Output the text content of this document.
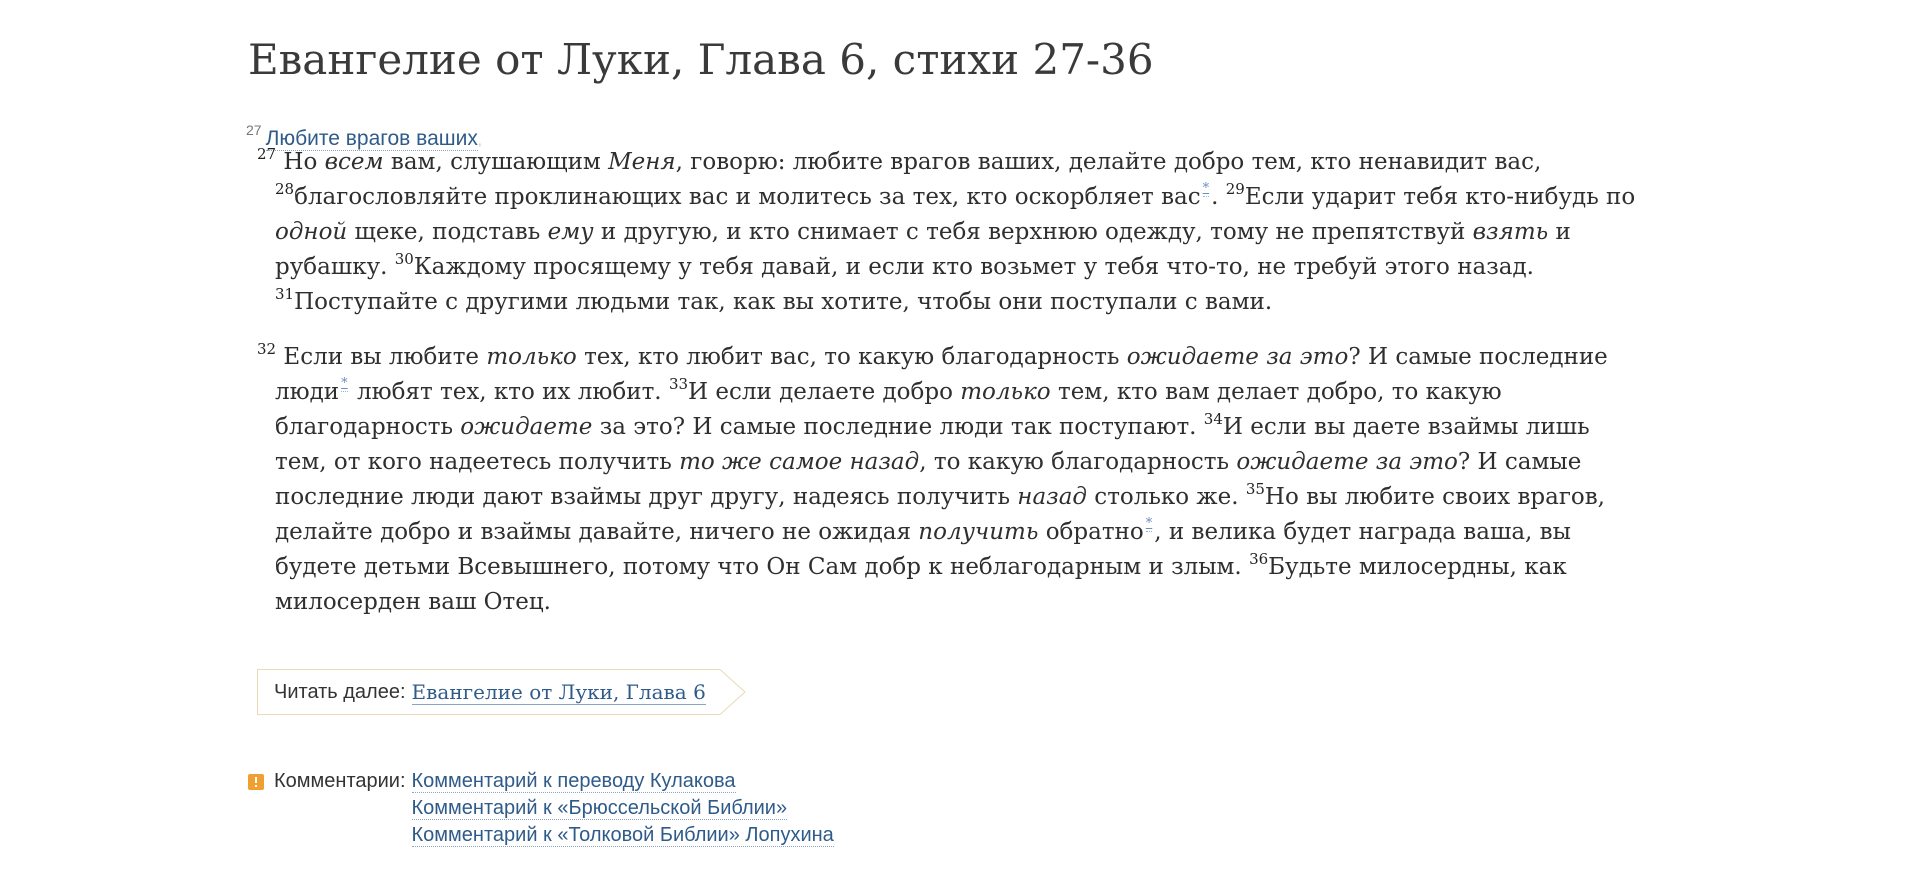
Евангелие от Луки, Глава 6, стихи 27-36
$^{27}$ Любите врагов ваших,

$^{27}$ Но всем вам, слушающим Меня, говорю: любите врагов ваших, делайте добро тем, кто ненавидит вас, $^{28}$благословляйте проклинающих вас и молитесь за тех, кто оскорбляет вас *. $^{29}$Если ударит тебя кто-нибудь по одной щеке, подставь ему и другую, и кто снимает с тебя верхнюю одежду, тому не препятствуй взять и рубашку. $^{30}$Каждому просящему у тебя давай, и если кто возьмет у тебя что-то, не требуй этого назад. $^{31}$Поступайте с другими людьми так, как вы хотите, чтобы они поступали с вами.

$^{32}$ Если вы любите только тех, кто любит вас, то какую благодарность ожидаете за это? И самые последние люди * любят тех, кто их любит. $^{33}$И если делаете добро только тем, кто вам делает добро, то какую благодарность ожидаете за это? И самые последние люди так поступают. $^{34}$И если вы даете взаймы лишь тем, от кого надеетесь получить то же самое назад, то какую благодарность ожидаете за это? И самые последние люди дают взаймы друг другу, надеясь получить назад столько же. $^{35}$Но вы любите своих врагов, делайте добро и взаймы давайте, ничего не ожидая получить обратно *, и велика будет награда ваша, вы будете детьми Всевышнего, потому что Он Сам добр к неблагодарным и злым. $^{36}$Будьте милосердны, как милосерден ваш Отец.

Читать далее: Евангелие от Луки, Глава 6
Комментарии: Комментарий к переводу Кулакова
Комментарий к «Брюссельской Библии»
Комментарий к «Толковой Библии» Лопухина
